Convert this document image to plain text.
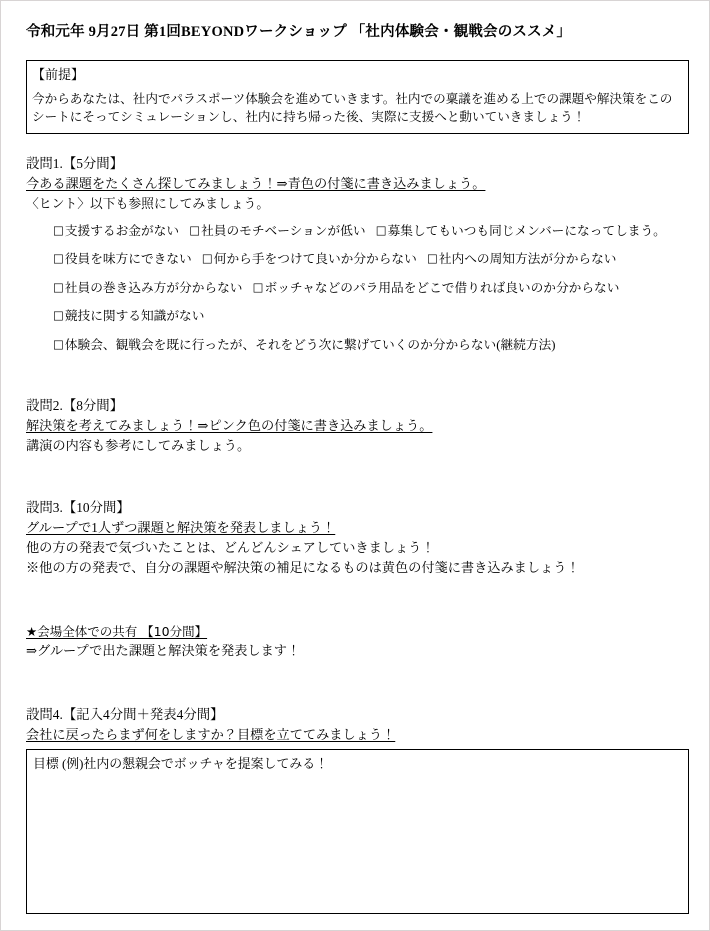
令和元年 9月27日 第1回BEYONDワークショップ 「社内体験会・観戦会のススメ」
【前提】
今からあなたは、社内でパラスポーツ体験会を進めていきます。社内での稟議を進める上での課題や解決策をこのシートにそってシミュレーションし、社内に持ち帰った後、実際に支援へと動いていきましょう！
設問1.【5分間】
今ある課題をたくさん探してみましょう！⇒青色の付箋に書き込みましょう。
〈ヒント〉以下も参照にしてみましょう。
□支援するお金がない □社員のモチベーションが低い □募集してもいつも同じメンバーになってしまう。
□役員を味方にできない □何から手をつけて良いか分からない □社内への周知方法が分からない
□社員の巻き込み方が分からない □ボッチャなどのパラ用品をどこで借りれば良いのか分からない
□競技に関する知識がない
□体験会、観戦会を既に行ったが、それをどう次に繋げていくのか分からない(継続方法)
設問2.【8分間】
解決策を考えてみましょう！⇒ピンク色の付箋に書き込みましょう。
講演の内容も参考にしてみましょう。
設問3.【10分間】
グループで1人ずつ課題と解決策を発表しましょう！
他の方の発表で気づいたことは、どんどんシェアしていきましょう！
※他の方の発表で、自分の課題や解決策の補足になるものは黄色の付箋に書き込みましょう！
★会場全体での共有 【10分間】
⇒グループで出た課題と解決策を発表します！
設問4.【記入4分間＋発表4分間】
会社に戻ったらまず何をしますか？目標を立ててみましょう！
目標 (例)社内の懇親会でボッチャを提案してみる！
